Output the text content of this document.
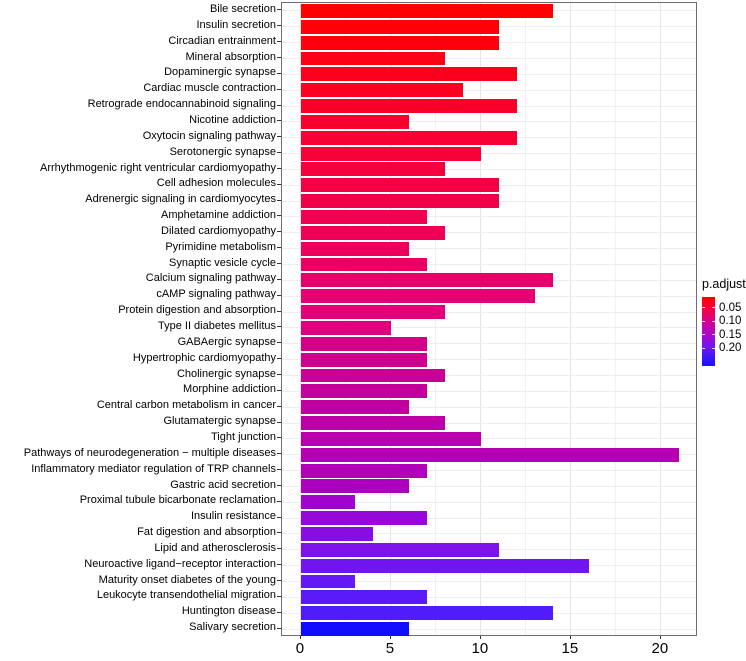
Bile secretion
Insulin secretion
Circadian entrainment
Mineral absorption
Dopaminergic synapse
Cardiac muscle contraction
Retrograde endocannabinoid signaling
Nicotine addiction
Oxytocin signaling pathway
Serotonergic synapse
Arrhythmogenic right ventricular cardiomyopathy
Cell adhesion molecules
Adrenergic signaling in cardiomyocytes
Amphetamine addiction
Dilated cardiomyopathy
Pyrimidine metabolism
Synaptic vesicle cycle
Calcium signaling pathway
cAMP signaling pathway
Protein digestion and absorption
Type II diabetes mellitus
GABAergic synapse
Hypertrophic cardiomyopathy
Cholinergic synapse
Morphine addiction
Central carbon metabolism in cancer
Glutamatergic synapse
Tight junction
Pathways of neurodegeneration − multiple diseases
Inflammatory mediator regulation of TRP channels
Gastric acid secretion
Proximal tubule bicarbonate reclamation
Insulin resistance
Fat digestion and absorption
Lipid and atherosclerosis
Neuroactive ligand−receptor interaction
Maturity onset diabetes of the young
Leukocyte transendothelial migration
Huntington disease
Salivary secretion
p.adjust
0.05
0.10
0.15
0.20
0	5	10	15	20
